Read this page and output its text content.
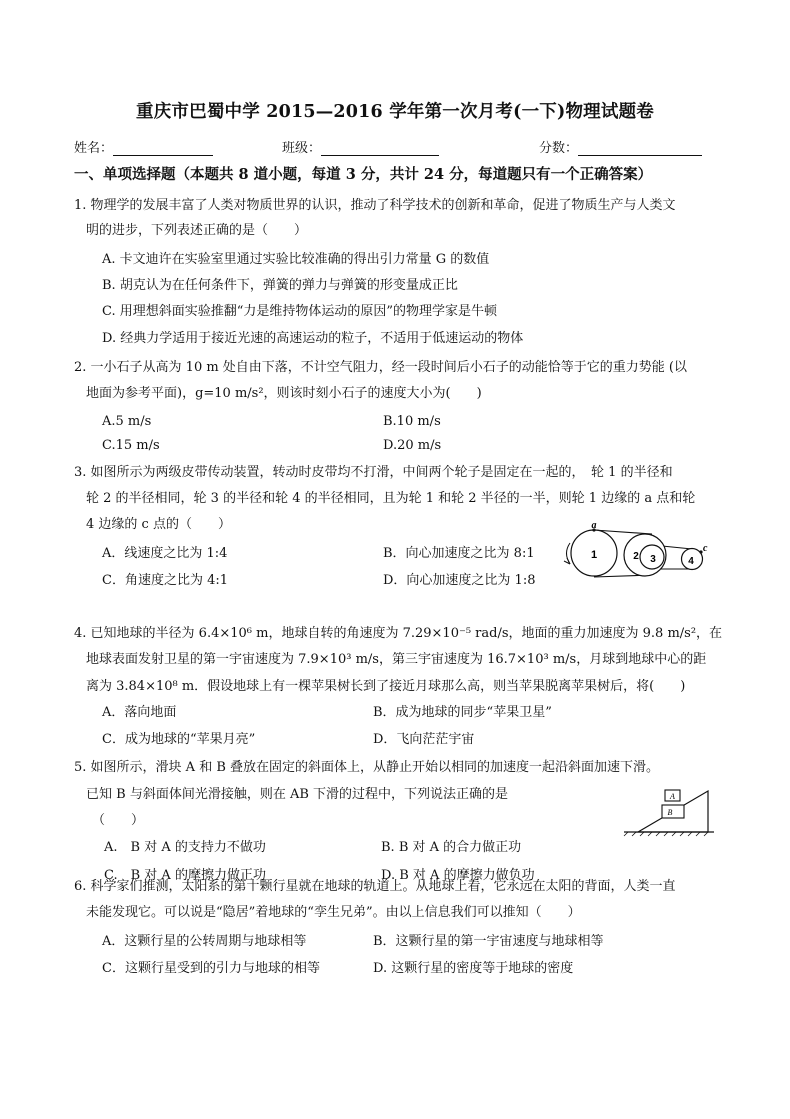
重庆市巴蜀中学 2015—2016 学年第一次月考(一下)物理试题卷
姓名：	班级：	分数：
一、单项选择题（本题共 8 道小题，每道 3 分，共计 24 分，每道题只有一个正确答案）
1. 物理学的发展丰富了人类对物质世界的认识，推动了科学技术的创新和革命，促进了物质生产与人类文
明的进步，下列表述正确的是（　　）
A. 卡文迪许在实验室里通过实验比较准确的得出引力常量 G 的数值
B. 胡克认为在任何条件下，弹簧的弹力与弹簧的形变量成正比
C. 用理想斜面实验推翻“力是维持物体运动的原因”的物理学家是牛顿
D. 经典力学适用于接近光速的高速运动的粒子，不适用于低速运动的物体
2. 一小石子从高为 10 m 处自由下落，不计空气阻力，经一段时间后小石子的动能恰等于它的重力势能 (以
地面为参考平面)，g=10 m/s²，则该时刻小石子的速度大小为(　　)
A.5 m/s	B.10 m/s
C.15 m/s	D.20 m/s
3. 如图所示为两级皮带传动装置，转动时皮带均不打滑，中间两个轮子是固定在一起的，　轮 1 的半径和
轮 2 的半径相同，轮 3 的半径和轮 4 的半径相同，且为轮 1 和轮 2 半径的一半，则轮 1 边缘的 a 点和轮
4 边缘的 c 点的（　　）
A．线速度之比为 1:4	B．向心加速度之比为 8:1
C．角速度之比为 4:1	D．向心加速度之比为 1:8
1	2 3	4
a
c
4. 已知地球的半径为 6.4×10⁶ m，地球自转的角速度为 7.29×10⁻⁵ rad/s，地面的重力加速度为 9.8 m/s²，在
地球表面发射卫星的第一宇宙速度为 7.9×10³ m/s，第三宇宙速度为 16.7×10³ m/s，月球到地球中心的距
离为 3.84×10⁸ m．假设地球上有一棵苹果树长到了接近月球那么高，则当苹果脱离苹果树后，将(　　)
A．落向地面	B．成为地球的同步“苹果卫星”
C．成为地球的“苹果月亮”	D．飞向茫茫宇宙
5. 如图所示，滑块 A 和 B 叠放在固定的斜面体上，从静止开始以相同的加速度一起沿斜面加速下滑。
已知 B 与斜面体间光滑接触，则在 AB 下滑的过程中，下列说法正确的是
（　　）
A.　B 对 A 的支持力不做功	B. B 对 A 的合力做正功
C.　B 对 A 的摩擦力做正功	D. B 对 A 的摩擦力做负功
A
B
6. 科学家们推测，太阳系的第十颗行星就在地球的轨道上。从地球上看，它永远在太阳的背面，人类一直
未能发现它。可以说是“隐居”着地球的“孪生兄弟”。由以上信息我们可以推知（　　）
A．这颗行星的公转周期与地球相等	B．这颗行星的第一宇宙速度与地球相等
C．这颗行星受到的引力与地球的相等	D. 这颗行星的密度等于地球的密度
